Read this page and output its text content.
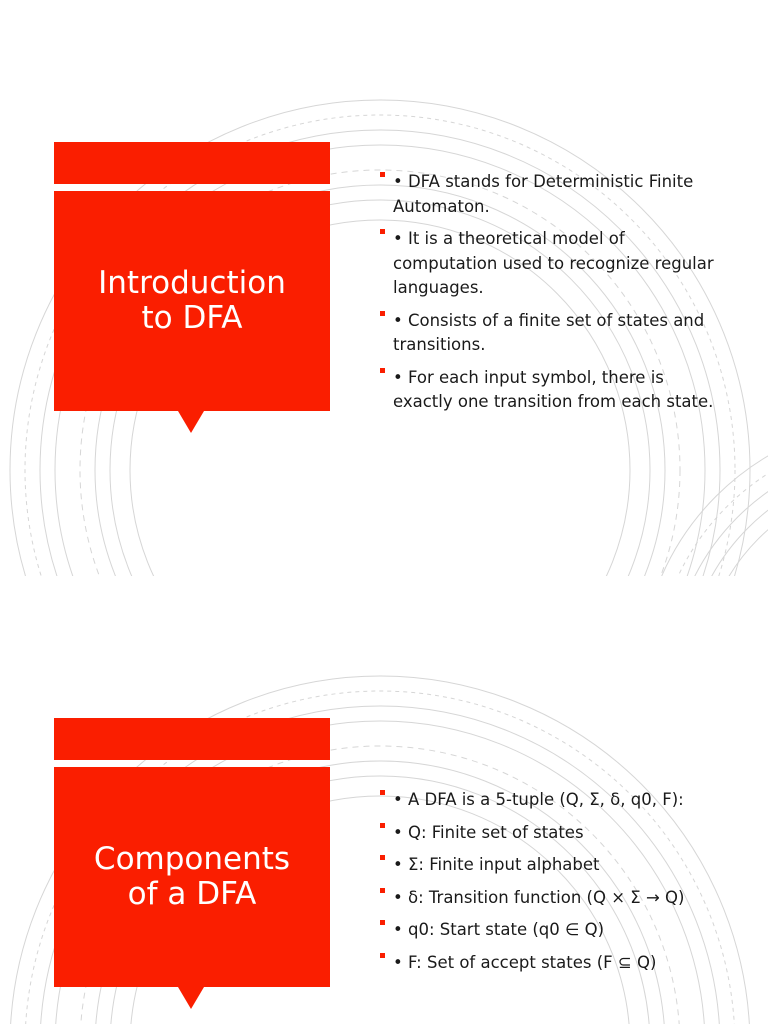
Introduction to DFA
• DFA stands for Deterministic Finite Automaton.
• It is a theoretical model of computation used to recognize regular languages.
• Consists of a finite set of states and transitions.
• For each input symbol, there is exactly one transition from each state.
Components of a DFA
• A DFA is a 5-tuple (Q, Σ, δ, q0, F):
• Q: Finite set of states
• Σ: Finite input alphabet
• δ: Transition function (Q × Σ → Q)
• q0: Start state (q0 ∈ Q)
• F: Set of accept states (F ⊆ Q)
